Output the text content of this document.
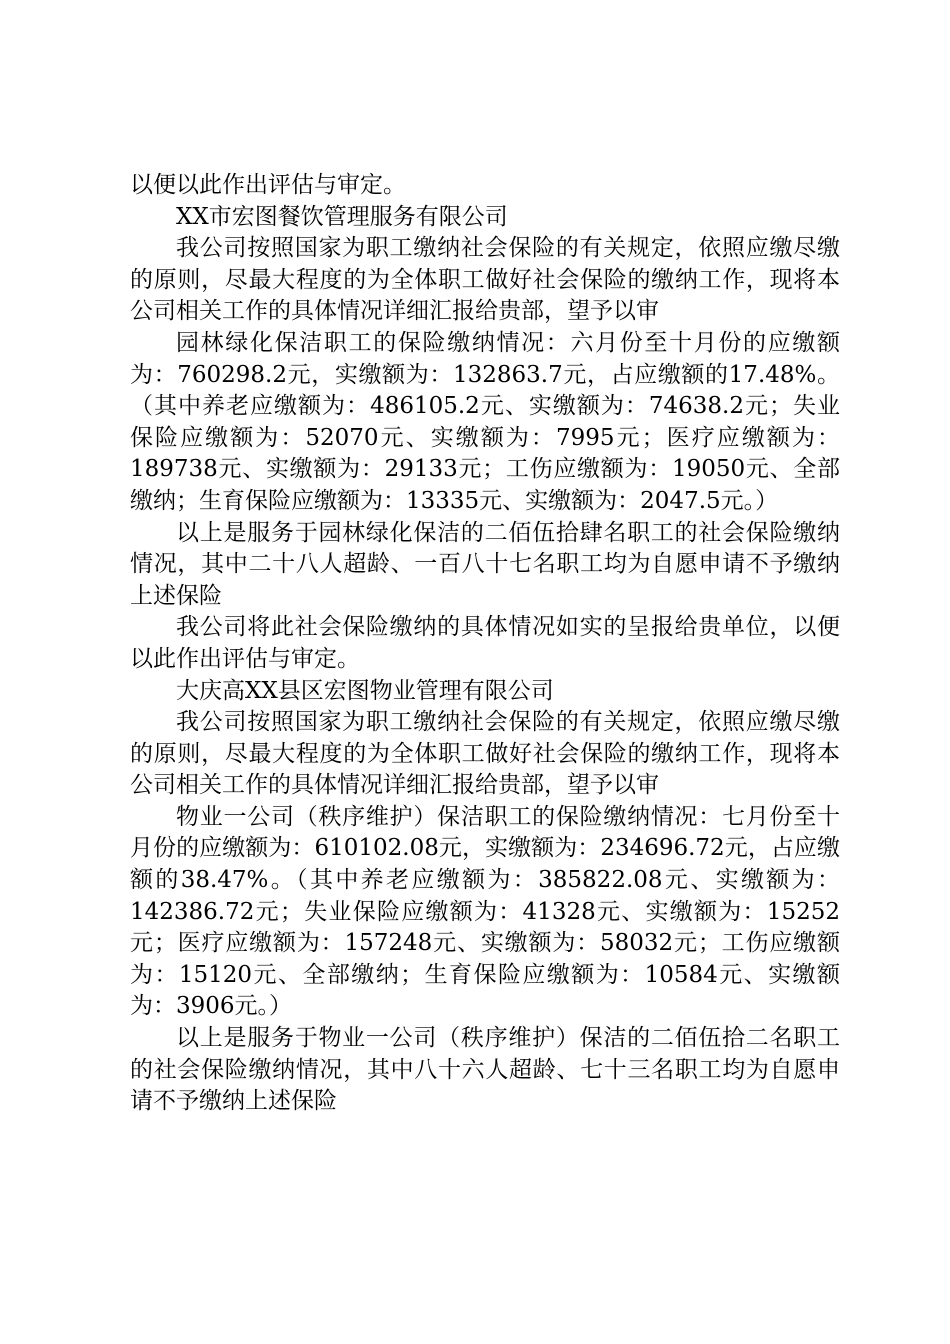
以便以此作出评估与审定。

XX市宏图餐饮管理服务有限公司

我公司按照国家为职工缴纳社会保险的有关规定，依照应缴尽缴的原则，尽最大程度的为全体职工做好社会保险的缴纳工作，现将本公司相关工作的具体情况详细汇报给贵部，望予以审

园林绿化保洁职工的保险缴纳情况：六月份至十月份的应缴额为：760298.2元，实缴额为：132863.7元，占应缴额的17.48%。（其中养老应缴额为：486105.2元、实缴额为：74638.2元；失业保险应缴额为：52070元、实缴额为：7995元；医疗应缴额为：189738元、实缴额为：29133元；工伤应缴额为：19050元、全部缴纳；生育保险应缴额为：13335元、实缴额为：2047.5元。）

以上是服务于园林绿化保洁的二佰伍拾肆名职工的社会保险缴纳情况，其中二十八人超龄、一百八十七名职工均为自愿申请不予缴纳上述保险

我公司将此社会保险缴纳的具体情况如实的呈报给贵单位，以便以此作出评估与审定。

大庆高XX县区宏图物业管理有限公司

我公司按照国家为职工缴纳社会保险的有关规定，依照应缴尽缴的原则，尽最大程度的为全体职工做好社会保险的缴纳工作，现将本公司相关工作的具体情况详细汇报给贵部，望予以审

物业一公司（秩序维护）保洁职工的保险缴纳情况：七月份至十月份的应缴额为：610102.08元，实缴额为：234696.72元，占应缴额的38.47%。（其中养老应缴额为：385822.08元、实缴额为：142386.72元；失业保险应缴额为：41328元、实缴额为：15252元；医疗应缴额为：157248元、实缴额为：58032元；工伤应缴额为：15120元、全部缴纳；生育保险应缴额为：10584元、实缴额为：3906元。）

以上是服务于物业一公司（秩序维护）保洁的二佰伍拾二名职工的社会保险缴纳情况，其中八十六人超龄、七十三名职工均为自愿申请不予缴纳上述保险
